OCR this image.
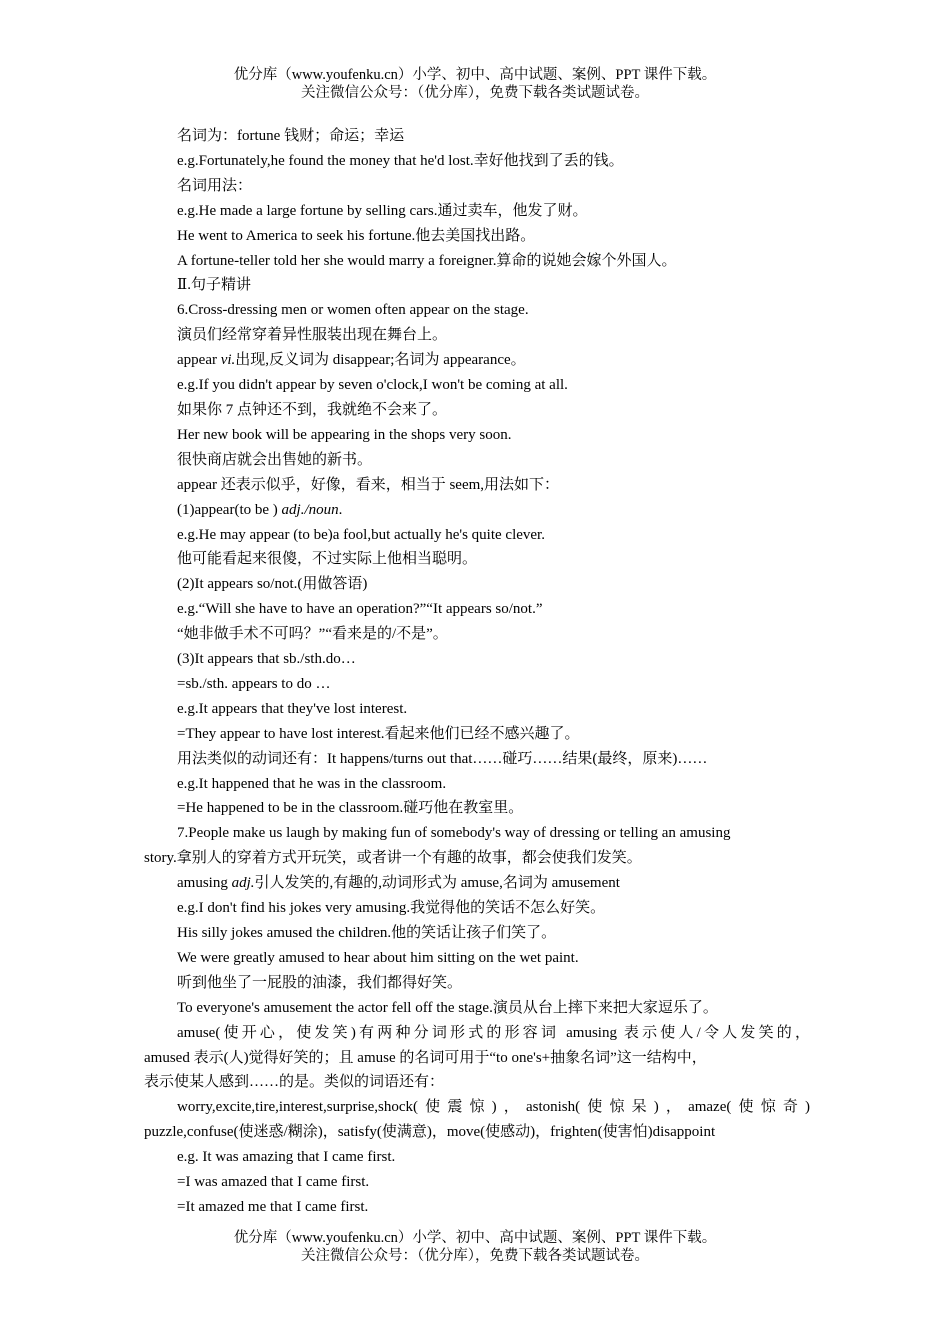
优分库（www.youfenku.cn）小学、初中、高中试题、案例、PPT 课件下载。
关注微信公众号：（优分库），免费下载各类试题试卷。
名词为：fortune 钱财；命运；幸运
e.g.Fortunately,he found the money that he'd lost.幸好他找到了丢的钱。
名词用法：
e.g.He made a large fortune by selling cars.通过卖车，他发了财。
He went to America to seek his fortune.他去美国找出路。
A fortune-teller told her she would marry a foreigner.算命的说她会嫁个外国人。
Ⅱ.句子精讲
6.Cross-dressing men or women often appear on the stage.
演员们经常穿着异性服装出现在舞台上。
appear vi.出现,反义词为 disappear;名词为 appearance。
e.g.If you didn't appear by seven o'clock,I won't be coming at all.
如果你 7 点钟还不到，我就绝不会来了。
Her new book will be appearing in the shops very soon.
很快商店就会出售她的新书。
appear 还表示似乎，好像，看来，相当于 seem,用法如下：
(1)appear(to be ) adj./noun.
e.g.He may appear (to be)a fool,but actually he's quite clever.
他可能看起来很傻，不过实际上他相当聪明。
(2)It appears so/not.(用做答语)
e.g.“Will she have to have an operation?”“It appears so/not.”
“她非做手术不可吗？”“看来是的/不是”。
(3)It appears that sb./sth.do…
=sb./sth. appears to do …
e.g.It appears that they've lost interest.
=They appear to have lost interest.看起来他们已经不感兴趣了。
用法类似的动词还有：It happens/turns out that……碰巧……结果(最终，原来)……
e.g.It happened that he was in the classroom.
=He happened to be in the classroom.碰巧他在教室里。
7.People make us laugh by making fun of somebody's way of dressing or telling an amusing
story.拿别人的穿着方式开玩笑，或者讲一个有趣的故事，都会使我们发笑。
amusing adj.引人发笑的,有趣的,动词形式为 amuse,名词为 amusement
e.g.I don't find his jokes very amusing.我觉得他的笑话不怎么好笑。
His silly jokes amused the children.他的笑话让孩子们笑了。
We were greatly amused to hear about him sitting on the wet paint.
听到他坐了一屁股的油漆，我们都得好笑。
To everyone's amusement the actor fell off the stage.演员从台上摔下来把大家逗乐了。
amuse(使开心，使发笑)有两种分词形式的形容词 amusing 表示使人/令人发笑的，
amused 表示(人)觉得好笑的；且 amuse 的名词可用于“to one's+抽象名词”这一结构中，
表示使某人感到……的是。类似的词语还有：
worry,excite,tire,interest,surprise,shock(使震惊)，astonish(使惊呆)，amaze(使惊奇)
puzzle,confuse(使迷惑/糊涂)，satisfy(使满意)，move(使感动)，frighten(使害怕)disappoint
e.g. It was amazing that I came first.
=I was amazed that I came first.
=It amazed me that I came first.
优分库（www.youfenku.cn）小学、初中、高中试题、案例、PPT 课件下载。
关注微信公众号：（优分库），免费下载各类试题试卷。
